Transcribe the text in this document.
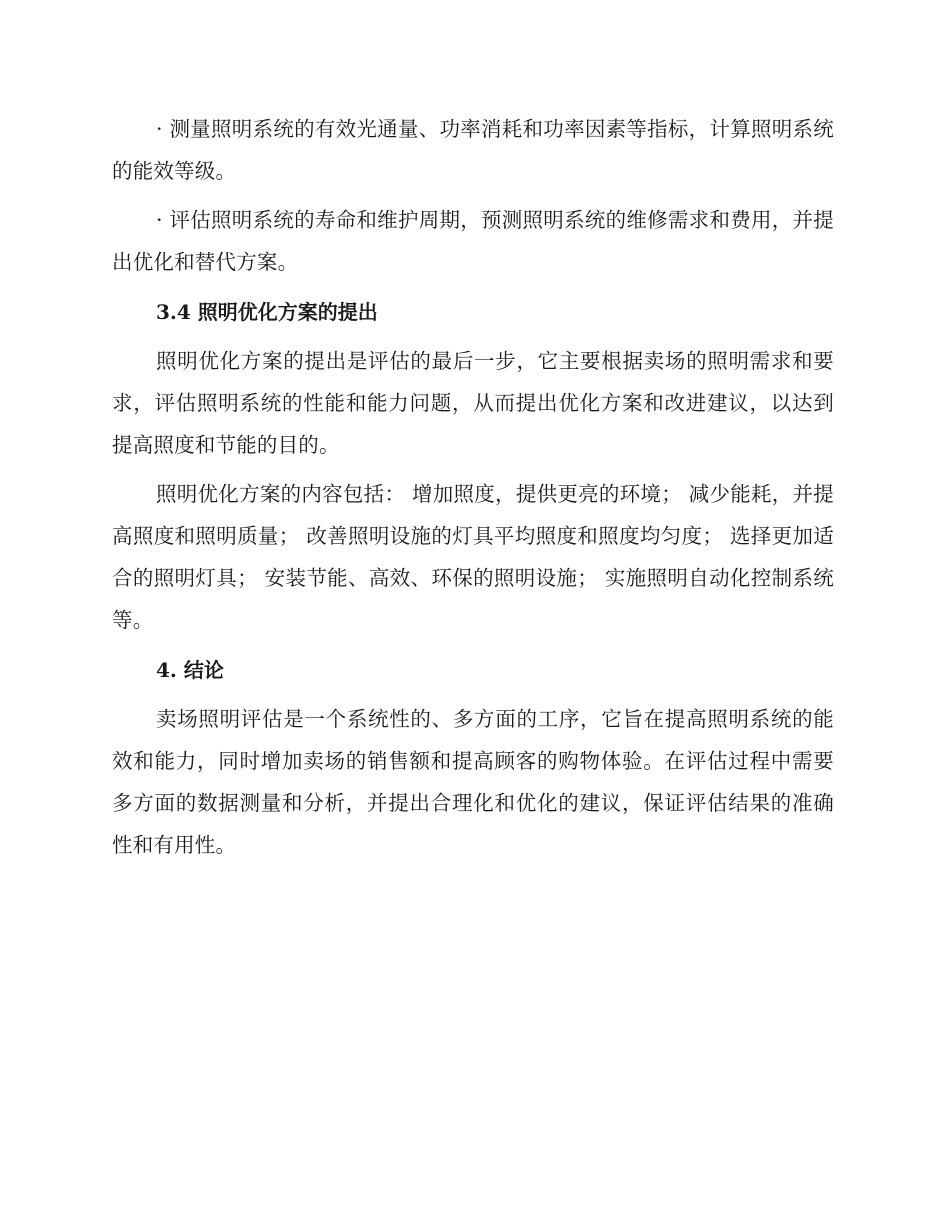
· 测量照明系统的有效光通量、功率消耗和功率因素等指标，计算照明系统的能效等级。

· 评估照明系统的寿命和维护周期，预测照明系统的维修需求和费用，并提出优化和替代方案。

3.4 照明优化方案的提出

照明优化方案的提出是评估的最后一步，它主要根据卖场的照明需求和要求，评估照明系统的性能和能力问题，从而提出优化方案和改进建议，以达到提高照度和节能的目的。

照明优化方案的内容包括： 增加照度，提供更亮的环境； 减少能耗，并提高照度和照明质量； 改善照明设施的灯具平均照度和照度均匀度； 选择更加适合的照明灯具； 安装节能、高效、环保的照明设施； 实施照明自动化控制系统等。

4. 结论

卖场照明评估是一个系统性的、多方面的工序，它旨在提高照明系统的能效和能力，同时增加卖场的销售额和提高顾客的购物体验。在评估过程中需要多方面的数据测量和分析，并提出合理化和优化的建议，保证评估结果的准确性和有用性。
